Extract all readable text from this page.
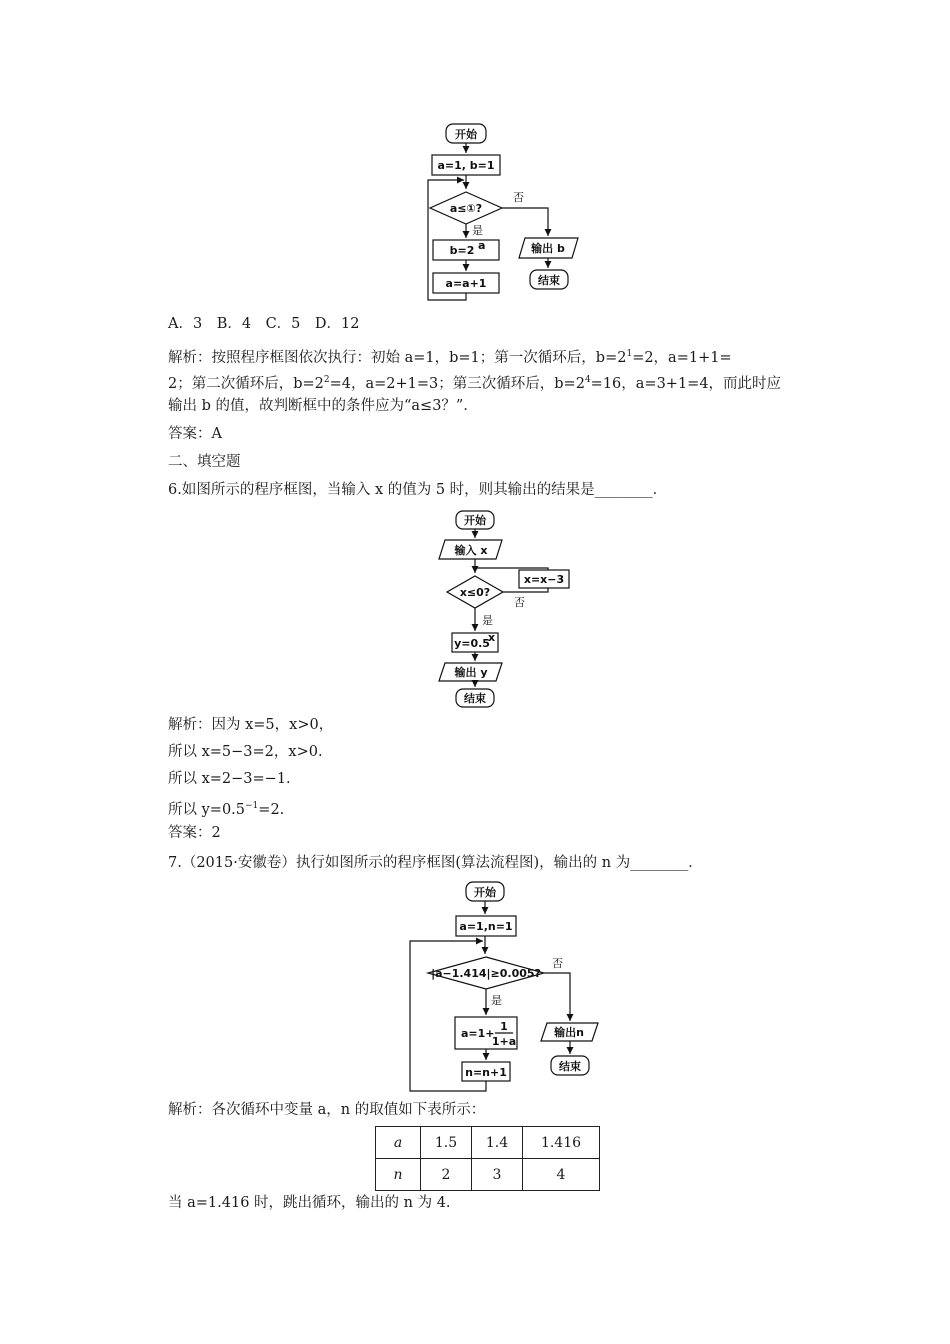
开始
a=1, b=1
a≤①?
否
是
b=2 a
a=a+1
输出 b
结束
A．3　B．4　C．5　D．12
解析：按照程序框图依次执行：初始 a=1，b=1；第一次循环后，$b=2^1=2$，a=1+1=
2；第二次循环后，$b=2^2=4$，a=2+1=3；第三次循环后，$b=2^4=16$，a=3+1=4，而此时应
输出 b 的值，故判断框中的条件应为“a≤3？”．
答案：A
二、填空题
6.如图所示的程序框图，当输入 x 的值为 5 时，则其输出的结果是________．
开始
输入 x
x≤0?
x=x−3
否
是
y=0.5
x
输出 y
结束
解析：因为 x=5，x>0，
所以 x=5−3=2，x>0.
所以 x=2−3=−1.
所以 $y=0.5^{-1}=2$.
答案：2
7.（2015·安徽卷）执行如图所示的程序框图(算法流程图)，输出的 n 为________．
开始
a=1,n=1
|a−1.414|≥0.005?
否
是
a=1+
1
1+a
n=n+1
输出n
结束
解析：各次循环中变量 a，n 的取值如下表所示：
a	1.5	1.4	1.416
n	2	3	4
当 a=1.416 时，跳出循环，输出的 n 为 4.
